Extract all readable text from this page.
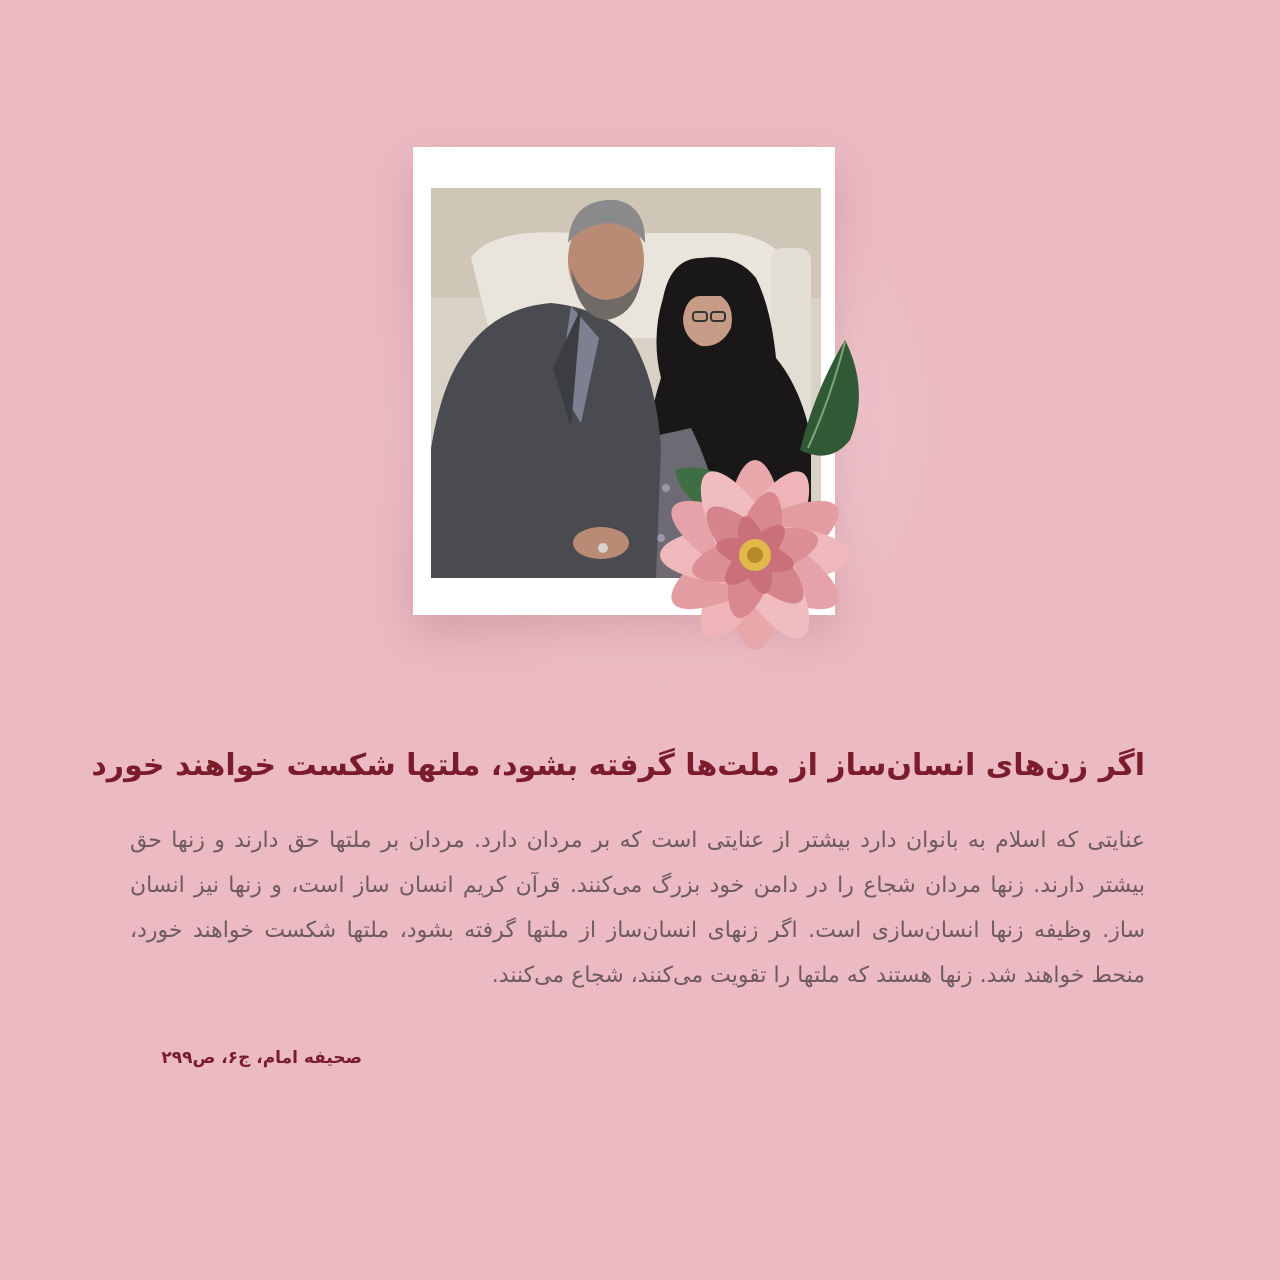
اگر زن‌های انسان‌ساز از ملت‌ها گرفته بشود، ملتها شکست خواهند خورد
عنایتی که اسلام به بانوان دارد بیشتر از عنایتی است که بر مردان دارد. مردان بر ملتها حق دارند و زنها حق بیشتر دارند. زنها مردان شجاع را در دامن خود بزرگ می‌کنند. قرآن کریم انسان ساز است، و زنها نیز انسان ساز. وظیفه زنها انسان‌سازی است. اگر زنهای انسان‌ساز از ملتها گرفته بشود، ملتها شکست خواهند خورد، منحط خواهند شد. زنها هستند که ملتها را تقویت می‌کنند، شجاع می‌کنند.
صحیفه امام، ج۶، ص۲۹۹
